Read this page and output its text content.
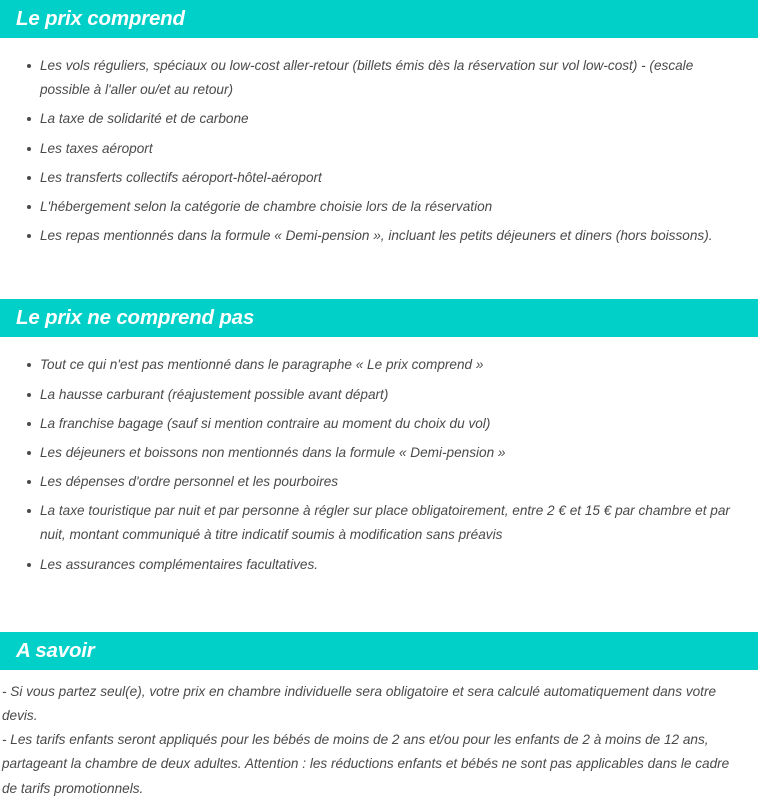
Le prix comprend
Les vols réguliers, spéciaux ou low-cost aller-retour (billets émis dès la réservation sur vol low-cost) - (escale possible à l'aller ou/et au retour)
La taxe de solidarité et de carbone
Les taxes aéroport
Les transferts collectifs aéroport-hôtel-aéroport
L'hébergement selon la catégorie de chambre choisie lors de la réservation
Les repas mentionnés dans la formule « Demi-pension », incluant les petits déjeuners et diners (hors boissons).
Le prix ne comprend pas
Tout ce qui n'est pas mentionné dans le paragraphe « Le prix comprend »
La hausse carburant (réajustement possible avant départ)
La franchise bagage (sauf si mention contraire au moment du choix du vol)
Les déjeuners et boissons non mentionnés dans la formule « Demi-pension »
Les dépenses d'ordre personnel et les pourboires
La taxe touristique par nuit et par personne à régler sur place obligatoirement, entre 2 € et 15 € par chambre et par nuit, montant communiqué à titre indicatif soumis à modification sans préavis
Les assurances complémentaires facultatives.
A savoir

- Si vous partez seul(e), votre prix en chambre individuelle sera obligatoire et sera calculé automatiquement dans votre devis.

- Les tarifs enfants seront appliqués pour les bébés de moins de 2 ans et/ou pour les enfants de 2 à moins de 12 ans, partageant la chambre de deux adultes. Attention : les réductions enfants et bébés ne sont pas applicables dans le cadre de tarifs promotionnels.
